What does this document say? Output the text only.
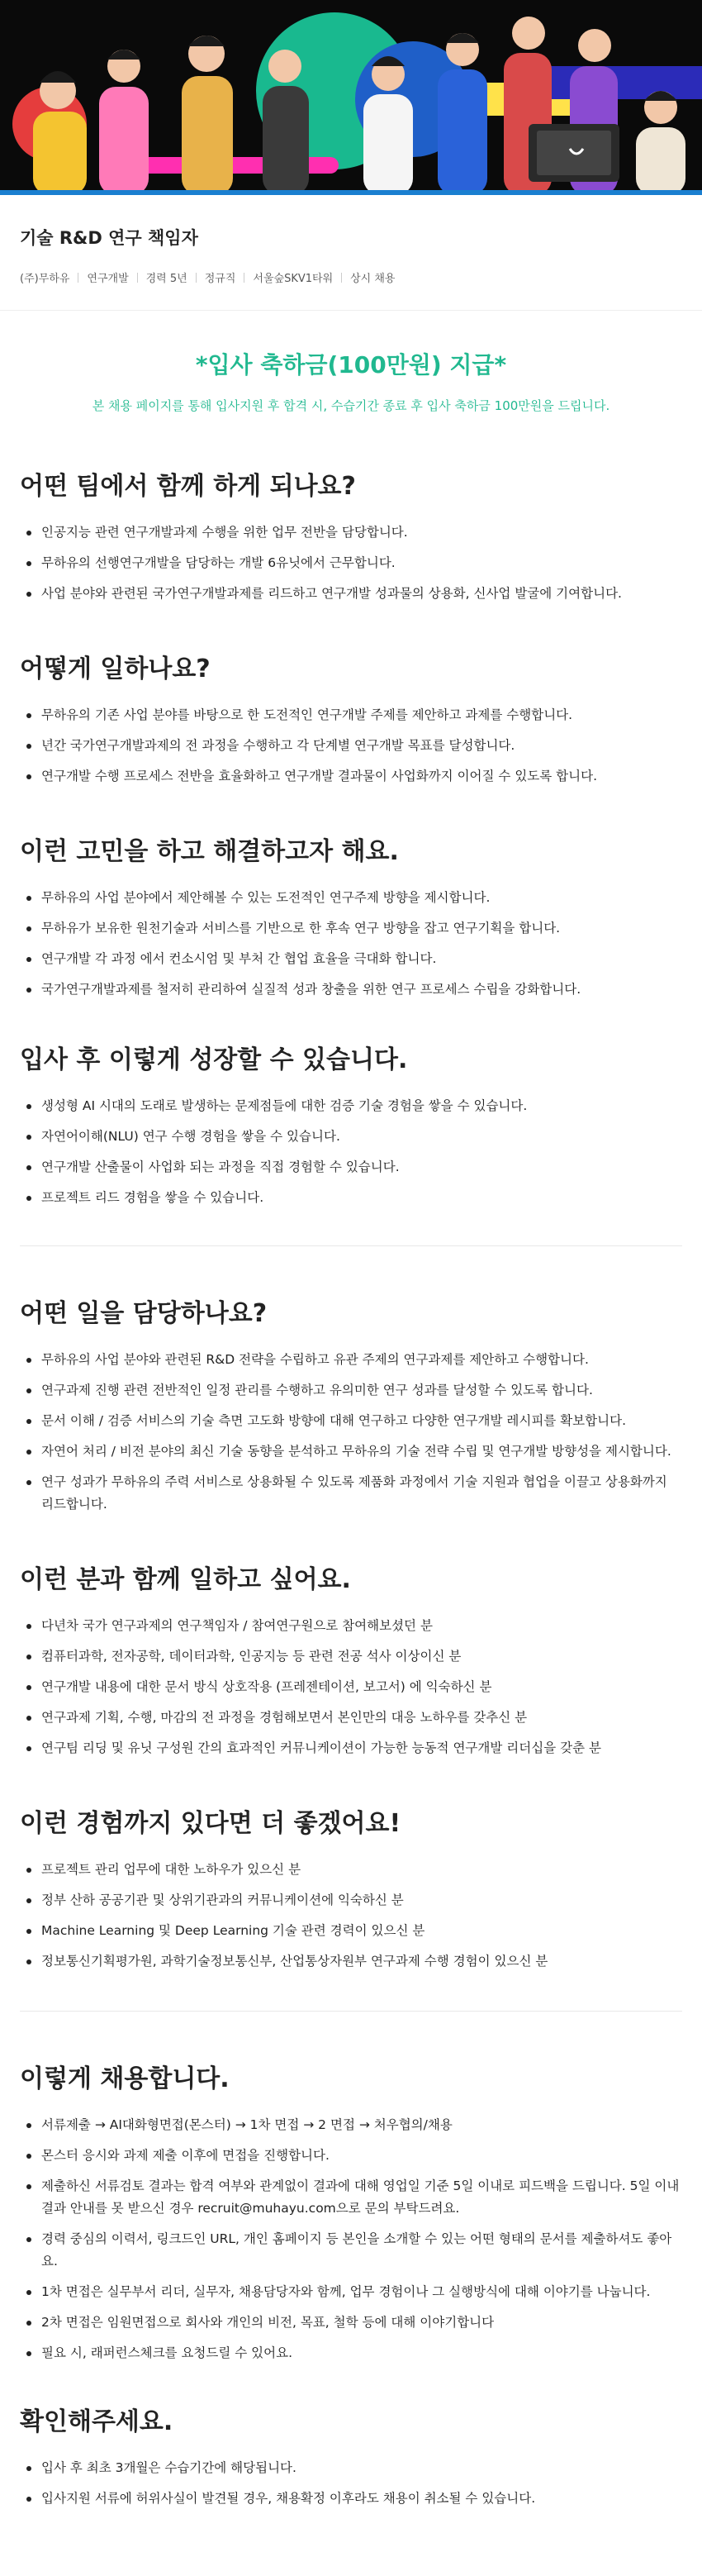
기술 R&D 연구 책임자
(주)무하유 연구개발 경력 5년 정규직 서울숲SKV1타워 상시 채용
*입사 축하금(100만원) 지급*
본 채용 페이지를 통해 입사지원 후 합격 시, 수습기간 종료 후 입사 축하금 100만원을 드립니다.
어떤 팀에서 함께 하게 되나요?
인공지능 관련 연구개발과제 수행을 위한 업무 전반을 담당합니다.
무하유의 선행연구개발을 담당하는 개발 6유닛에서 근무합니다.
사업 분야와 관련된 국가연구개발과제를 리드하고 연구개발 성과물의 상용화, 신사업 발굴에 기여합니다.
어떻게 일하나요?
무하유의 기존 사업 분야를 바탕으로 한 도전적인 연구개발 주제를 제안하고 과제를 수행합니다.
년간 국가연구개발과제의 전 과정을 수행하고 각 단계별 연구개발 목표를 달성합니다.
연구개발 수행 프로세스 전반을 효율화하고 연구개발 결과물이 사업화까지 이어질 수 있도록 합니다.
이런 고민을 하고 해결하고자 해요.
무하유의 사업 분야에서 제안해볼 수 있는 도전적인 연구주제 방향을 제시합니다.
무하유가 보유한 원천기술과 서비스를 기반으로 한 후속 연구 방향을 잡고 연구기획을 합니다.
연구개발 각 과정 에서 컨소시엄 및 부처 간 협업 효율을 극대화 합니다.
국가연구개발과제를 철저히 관리하여 실질적 성과 창출을 위한 연구 프로세스 수립을 강화합니다.
입사 후 이렇게 성장할 수 있습니다.
생성형 AI 시대의 도래로 발생하는 문제점들에 대한 검증 기술 경험을 쌓을 수 있습니다.
자연어이해(NLU) 연구 수행 경험을 쌓을 수 있습니다.
연구개발 산출물이 사업화 되는 과정을 직접 경험할 수 있습니다.
프로젝트 리드 경험을 쌓을 수 있습니다.
어떤 일을 담당하나요?
무하유의 사업 분야와 관련된 R&D 전략을 수립하고 유관 주제의 연구과제를 제안하고 수행합니다.
연구과제 진행 관련 전반적인 일정 관리를 수행하고 유의미한 연구 성과를 달성할 수 있도록 합니다.
문서 이해 / 검증 서비스의 기술 측면 고도화 방향에 대해 연구하고 다양한 연구개발 레시피를 확보합니다.
자연어 처리 / 비전 분야의 최신 기술 동향을 분석하고 무하유의 기술 전략 수립 및 연구개발 방향성을 제시합니다.
연구 성과가 무하유의 주력 서비스로 상용화될 수 있도록 제품화 과정에서 기술 지원과 협업을 이끌고 상용화까지 리드합니다.
이런 분과 함께 일하고 싶어요.
다년차 국가 연구과제의 연구책임자 / 참여연구원으로 참여해보셨던 분
컴퓨터과학, 전자공학, 데이터과학, 인공지능 등 관련 전공 석사 이상이신 분
연구개발 내용에 대한 문서 방식 상호작용 (프레젠테이션, 보고서) 에 익숙하신 분
연구과제 기획, 수행, 마감의 전 과정을 경험해보면서 본인만의 대응 노하우를 갖추신 분
연구팀 리딩 및 유닛 구성원 간의 효과적인 커뮤니케이션이 가능한 능동적 연구개발 리더십을 갖춘 분
이런 경험까지 있다면 더 좋겠어요!
프로젝트 관리 업무에 대한 노하우가 있으신 분
정부 산하 공공기관 및 상위기관과의 커뮤니케이션에 익숙하신 분
Machine Learning 및 Deep Learning 기술 관련 경력이 있으신 분
정보통신기획평가원, 과학기술정보통신부, 산업통상자원부 연구과제 수행 경험이 있으신 분
이렇게 채용합니다.
서류제출 → AI대화형면접(몬스터) → 1차 면접 → 2 면접 → 처우협의/채용
몬스터 응시와 과제 제출 이후에 면접을 진행합니다.
제출하신 서류검토 결과는 합격 여부와 관계없이 결과에 대해 영업일 기준 5일 이내로 피드백을 드립니다. 5일 이내 결과 안내를 못 받으신 경우 recruit@muhayu.com으로 문의 부탁드려요.
경력 중심의 이력서, 링크드인 URL, 개인 홈페이지 등 본인을 소개할 수 있는 어떤 형태의 문서를 제출하셔도 좋아요.
1차 면접은 실무부서 리더, 실무자, 채용담당자와 함께, 업무 경험이나 그 실행방식에 대해 이야기를 나눕니다.
2차 면접은 임원면접으로 회사와 개인의 비전, 목표, 철학 등에 대해 이야기합니다
필요 시, 래퍼런스체크를 요청드릴 수 있어요.
확인해주세요.
입사 후 최초 3개월은 수습기간에 해당됩니다.
입사지원 서류에 허위사실이 발견될 경우, 채용확정 이후라도 채용이 취소될 수 있습니다.
